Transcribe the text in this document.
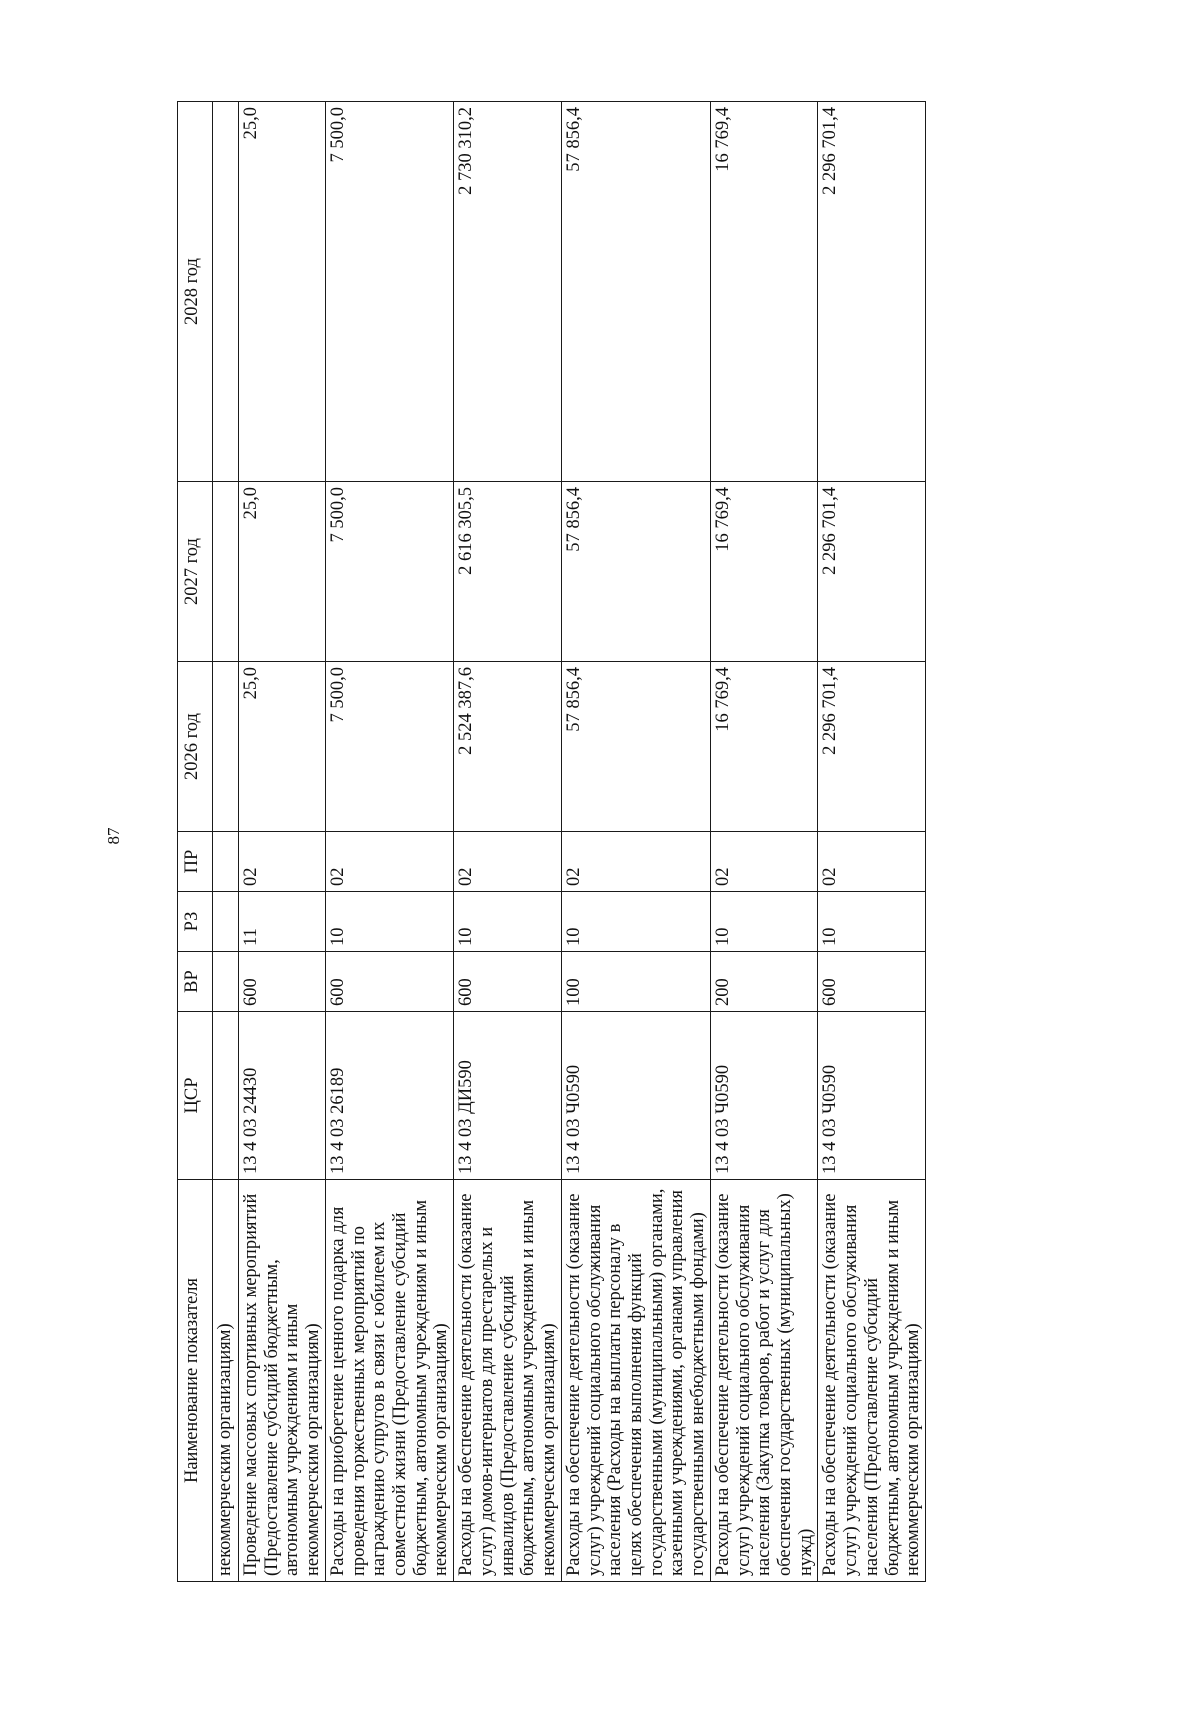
87
Наименование показателя	ЦСР	ВР	РЗ	ПР	2026 год	2027 год	2028 год
некоммерческим организациям)							
Проведение массовых спортивных мероприятий (Предоставление субсидий бюджетным, автономным учреждениям и иным некоммерческим организациям)	13 4 03 24430	600	11	02	25,0	25,0	25,0
Расходы на приобретение ценного подарка для проведения торжественных мероприятий по награждению супругов в связи с юбилеем их совместной жизни (Предоставление субсидий бюджетным, автономным учреждениям и иным некоммерческим организациям)	13 4 03 26189	600	10	02	7 500,0	7 500,0	7 500,0
Расходы на обеспечение деятельности (оказание услуг) домов-интернатов для престарелых и инвалидов (Предоставление субсидий бюджетным, автономным учреждениям и иным некоммерческим организациям)	13 4 03 ДИ590	600	10	02	2 524 387,6	2 616 305,5	2 730 310,2
Расходы на обеспечение деятельности (оказание услуг) учреждений социального обслуживания населения (Расходы на выплаты персоналу в целях обеспечения выполнения функций государственными (муниципальными) органами, казенными учреждениями, органами управления государственными внебюджетными фондами)	13 4 03 Ч0590	100	10	02	57 856,4	57 856,4	57 856,4
Расходы на обеспечение деятельности (оказание услуг) учреждений социального обслуживания населения (Закупка товаров, работ и услуг для обеспечения государственных (муниципальных) нужд)	13 4 03 Ч0590	200	10	02	16 769,4	16 769,4	16 769,4
Расходы на обеспечение деятельности (оказание услуг) учреждений социального обслуживания населения (Предоставление субсидий бюджетным, автономным учреждениям и иным некоммерческим организациям)	13 4 03 Ч0590	600	10	02	2 296 701,4	2 296 701,4	2 296 701,4
